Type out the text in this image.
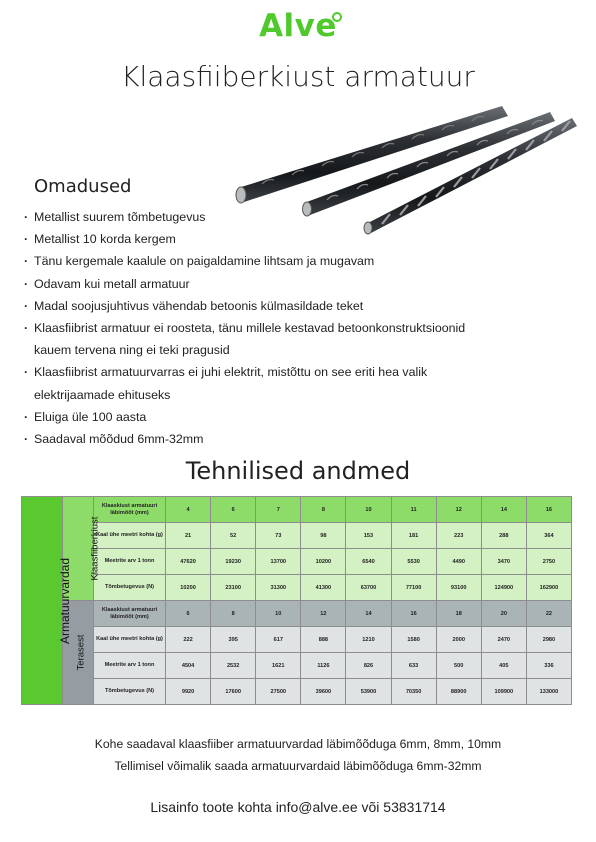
Alve
Klaasfiiberkiust armatuur
Omadused
· Metallist suurem tõmbetugevus
· Metallist 10 korda kergem
· Tänu kergemale kaalule on paigaldamine lihtsam ja mugavam
· Odavam kui metall armatuur
· Madal soojusjuhtivus vähendab betoonis külmasildade teket
· Klaasfiibrist armatuur ei roosteta, tänu millele kestavad betoonkonstruktsioonid
kauem tervena ning ei teki pragusid
· Klaasfiibrist armatuurvarras ei juhi elektrit, mistõttu on see eriti hea valik
elektrijaamade ehituseks
· Eluiga üle 100 aasta
· Saadaval mõõdud 6mm-32mm
Tehnilised andmed
Armatuurvardad	Klaasfiiberkiust	Klaaskiust armatuuri läbimõõt (mm)	4	6	7	8	10	11	12	14	16
		Kaal ühe meetri kohta (g)	21	52	73	98	153	181	223	288	364
		Meetrite arv 1 tonn	47620	19230	13700	10200	6540	5530	4490	3470	2750
		Tõmbetugevus (N)	10200	23100	31300	41300	63700	77100	93100	124900	162900
	Terasest	Klaaskiust armatuuri läbimõõt (mm)	6	8	10	12	14	16	18	20	22
		Kaal ühe meetri kohta (g)	222	395	617	888	1210	1580	2000	2470	2980
		Meetrite arv 1 tonn	4504	2532	1621	1126	826	633	500	405	336
		Tõmbetugevus (N)	9920	17600	27500	39600	53900	70350	88900	109900	133000

Kohe saadaval klaasfiiber armatuurvardad läbimõõduga 6mm, 8mm, 10mm

Tellimisel võimalik saada armatuurvardaid läbimõõduga 6mm-32mm

Lisainfo toote kohta info@alve.ee või 53831714
